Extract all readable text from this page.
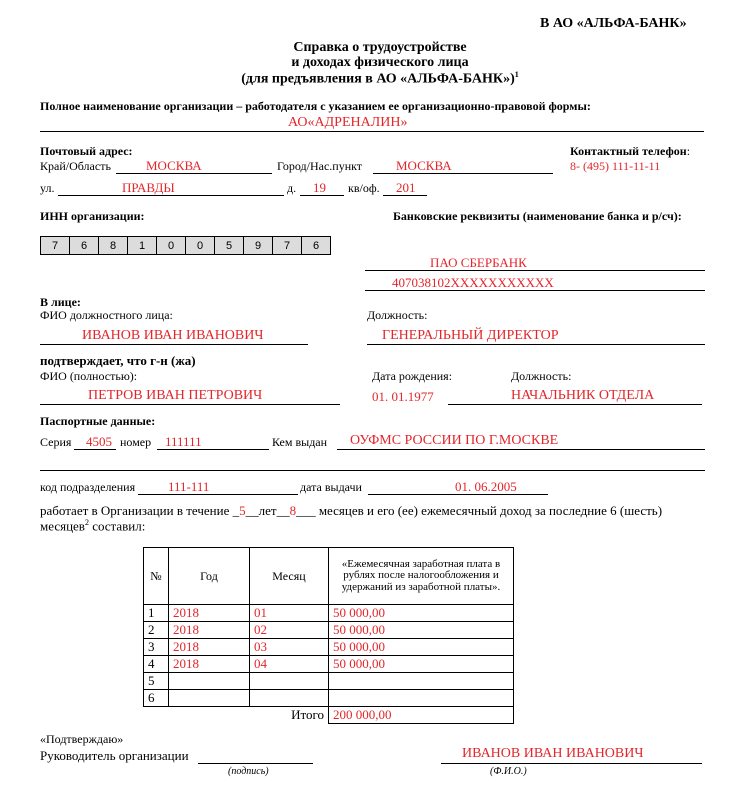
В АО «АЛЬФА-БАНК»
Справка о трудоустройстве
и доходах физического лица
(для предъявления в АО «АЛЬФА-БАНК»)$^1$
Полное наименование организации – работодателя с указанием ее организационно-правовой формы:
АО«АДРЕНАЛИН»
Почтовый адрес:	Контактный телефон:
Край/Область	МОСКВА	Город/Нас.пункт	МОСКВА	8- (495) 111-11-11
ул.	ПРАВДЫ	д. 19 кв/оф. 201
ИНН организации:	Банковские реквизиты (наименование банка и р/сч):
7	6	8	1	0	0	5	9	7	6
ПАО СБЕРБАНК
407038102XXXXXXXXXXX
В лице:
ФИО должностного лица:	Должность:
ИВАНОВ ИВАН ИВАНОВИЧ	ГЕНЕРАЛЬНЫЙ ДИРЕКТОР
подтверждает, что г-н (жа)
ФИО (полностью):	Дата рождения:	Должность:
ПЕТРОВ ИВАН ПЕТРОВИЧ	01. 01.1977	НАЧАЛЬНИК ОТДЕЛА
Паспортные данные:
Серия 4505 номер 111111	Кем выдан ОУФМС РОССИИ ПО Г.МОСКВЕ
код подразделения	111-111	дата выдачи	01. 06.2005
работает в Организации в течение _5__лет__8___ месяцев и его (ее) ежемесячный доход за последние 6 (шесть)
месяцев$^2$ составил:
№	Год	Месяц	«Ежемесячная заработная плата в рублях после налогообложения и удержаний из заработной платы».
1	2018	01	50 000,00
2	2018	02	50 000,00
3	2018	03	50 000,00
4	2018	04	50 000,00
5			
6			
Итого			200 000,00
«Подтверждаю»
Руководитель организации
(подпись)
ИВАНОВ ИВАН ИВАНОВИЧ
(Ф.И.О.)
